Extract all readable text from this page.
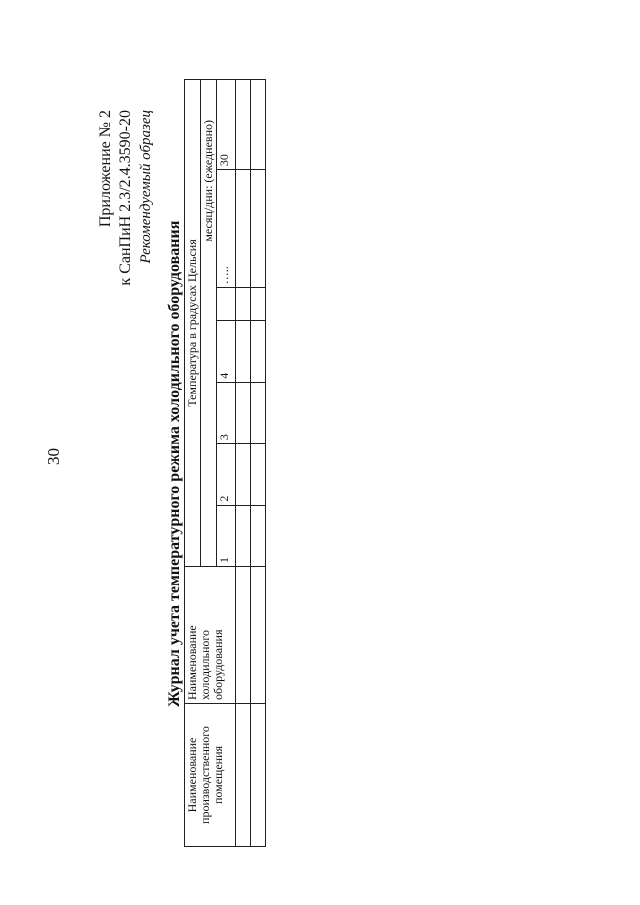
30
Приложение № 2 к СанПиН 2.3/2.4.3590-20 Рекомендуемый образец
Журнал учета температурного режима холодильного оборудования
Наименование производственного помещения	Наименование холодильного оборудования	Температура в градусах Цельсия						
		месяц/дни: (ежедневно)						
		1	2	3	4		…..	30
